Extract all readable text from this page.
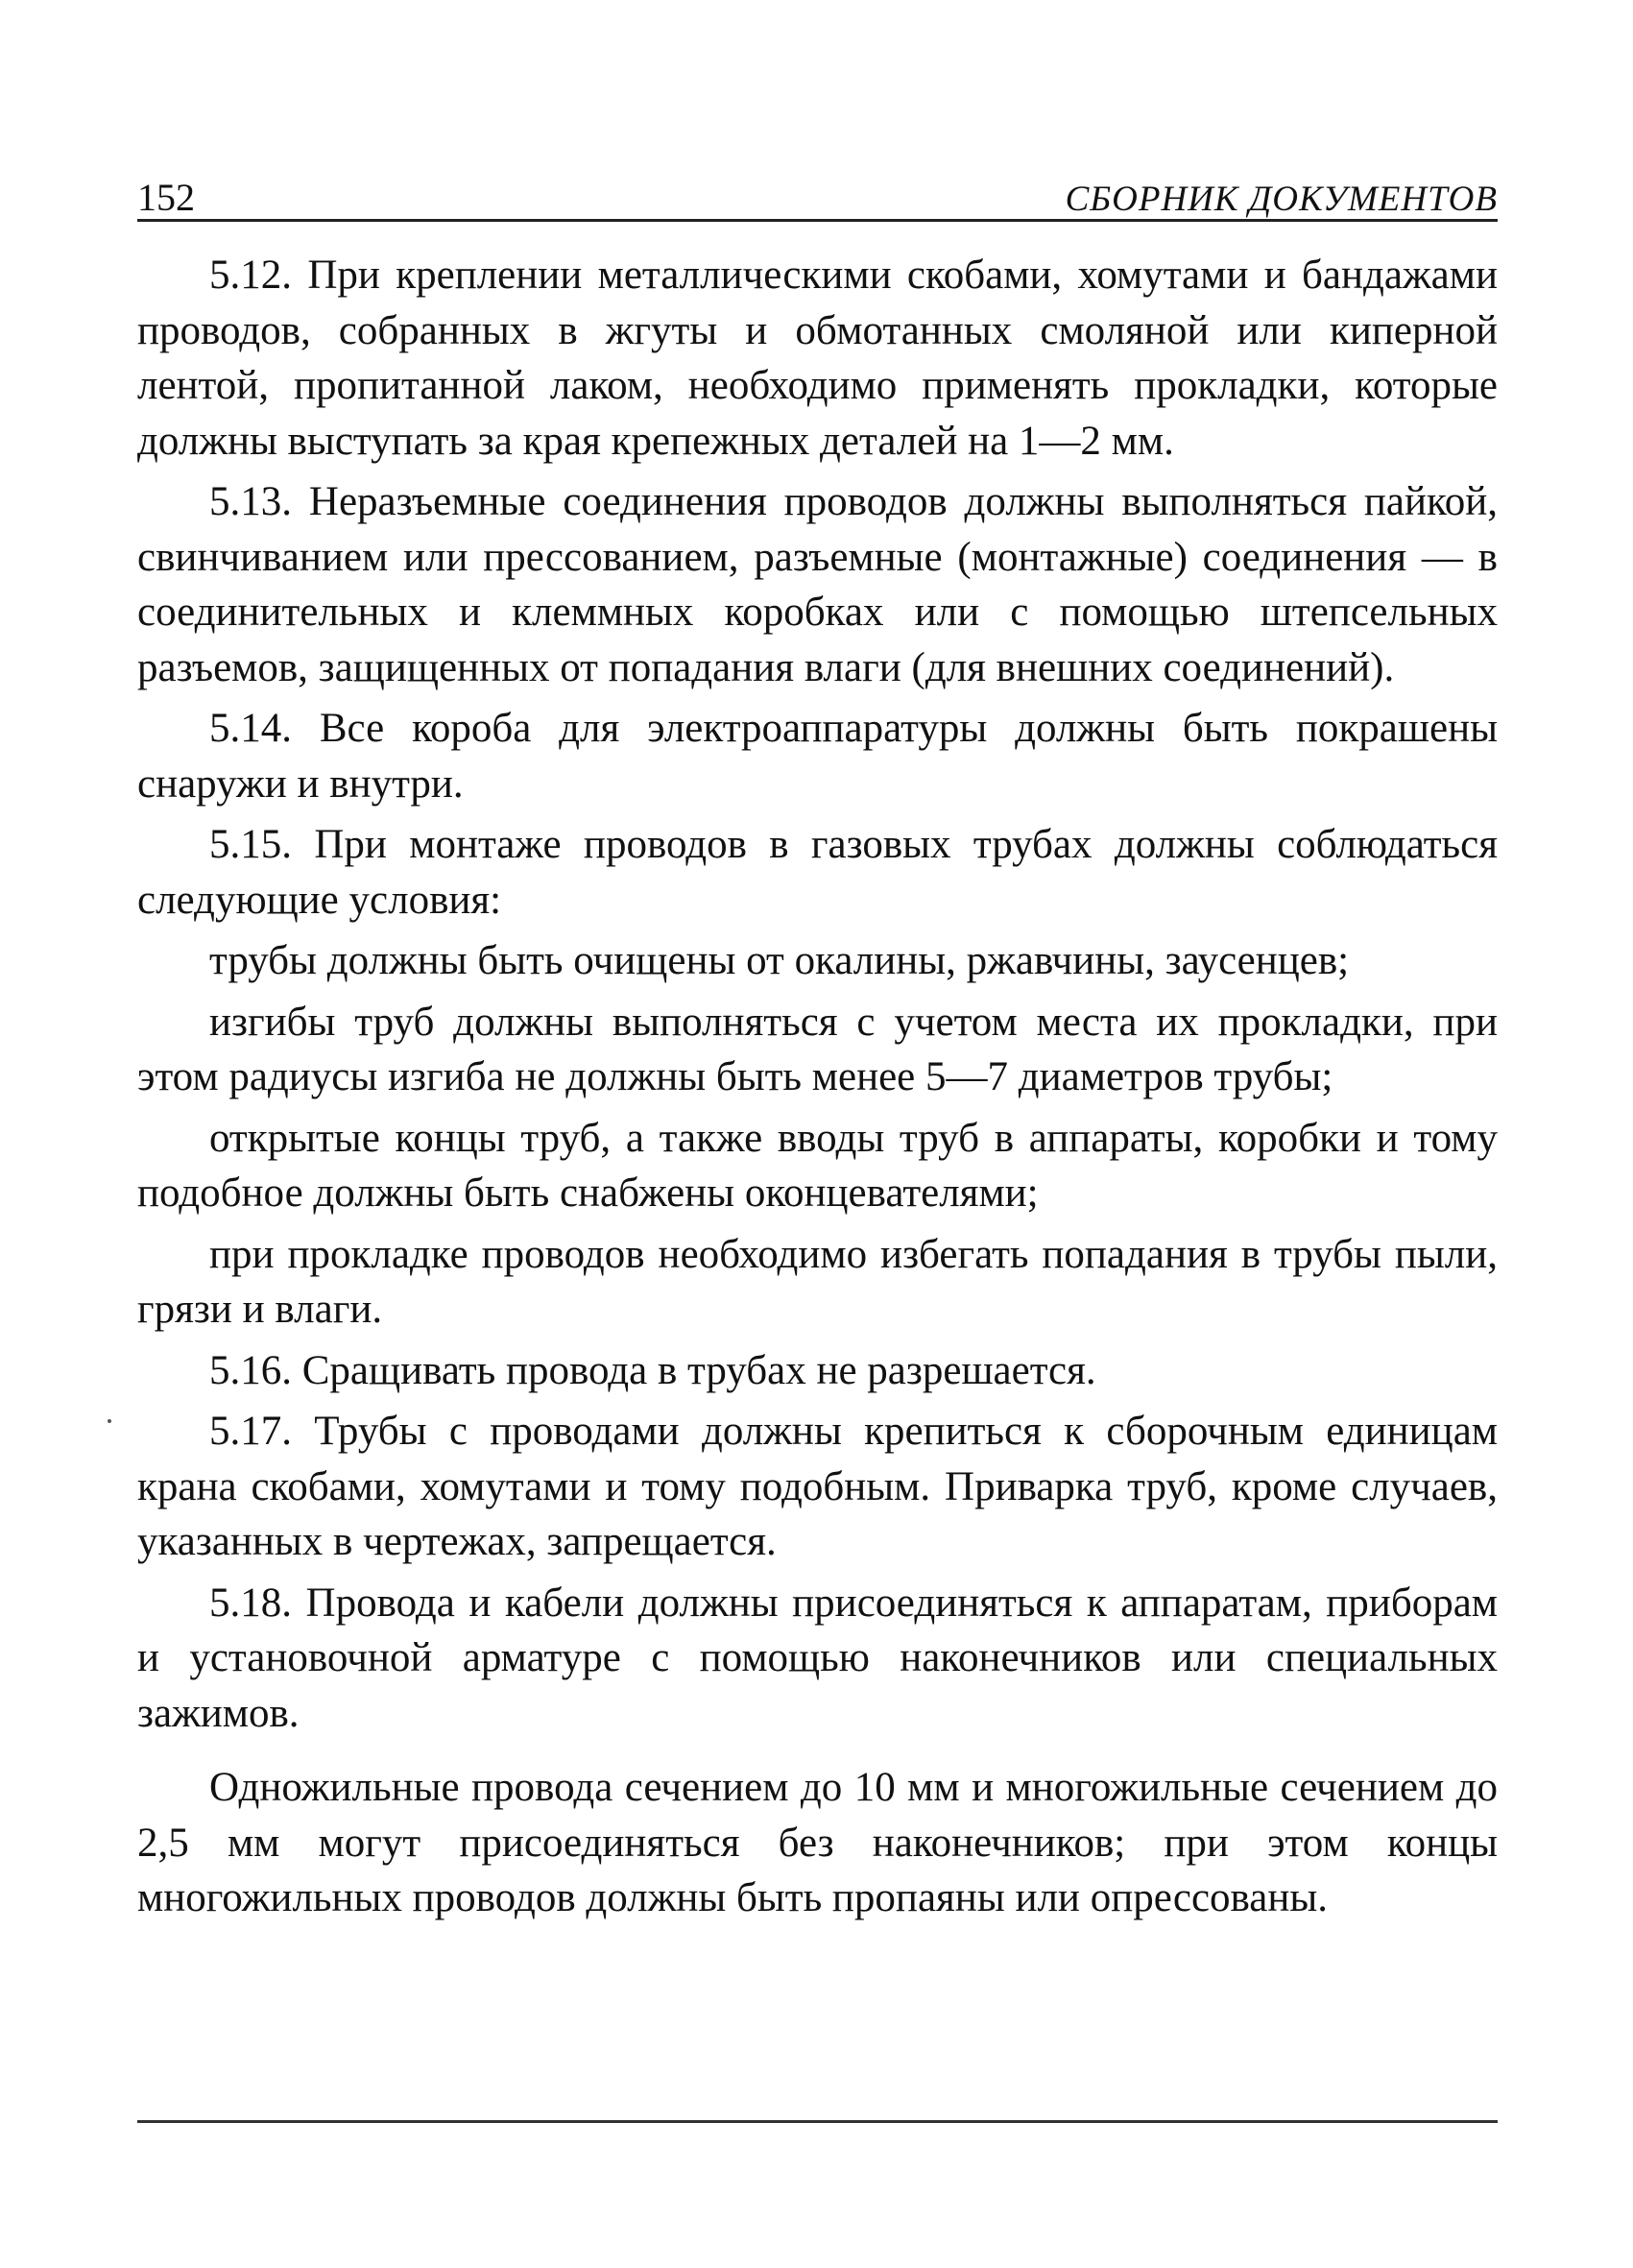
152	СБОРНИК ДОКУМЕНТОВ

5.12. При креплении металлическими скобами, хомутами и бандажами проводов, собранных в жгуты и обмотанных смоляной или киперной лентой, пропитанной лаком, необходимо применять прокладки, которые должны выступать за края крепежных деталей на 1—2 мм.

5.13. Неразъемные соединения проводов должны выполняться пайкой, свинчиванием или прессованием, разъемные (монтажные) соединения — в соединительных и клеммных коробках или с помощью штепсельных разъемов, защищенных от попадания влаги (для внешних соединений).

5.14. Все короба для электроаппаратуры должны быть покрашены снаружи и внутри.

5.15. При монтаже проводов в газовых трубах должны соблюдаться следующие условия:

трубы должны быть очищены от окалины, ржавчины, заусенцев;

изгибы труб должны выполняться с учетом места их прокладки, при этом радиусы изгиба не должны быть менее 5—7 диаметров трубы;

открытые концы труб, а также вводы труб в аппараты, коробки и тому подобное должны быть снабжены оконцевателями;

при прокладке проводов необходимо избегать попадания в трубы пыли, грязи и влаги.

5.16. Сращивать провода в трубах не разрешается.

5.17. Трубы с проводами должны крепиться к сборочным единицам крана скобами, хомутами и тому подобным. Приварка труб, кроме случаев, указанных в чертежах, запрещается.

5.18. Провода и кабели должны присоединяться к аппаратам, приборам и установочной арматуре с помощью наконечников или специальных зажимов.

Одножильные провода сечением до 10 мм и многожильные сечением до 2,5 мм могут присоединяться без наконечников; при этом концы многожильных проводов должны быть пропаяны или опрессованы.
